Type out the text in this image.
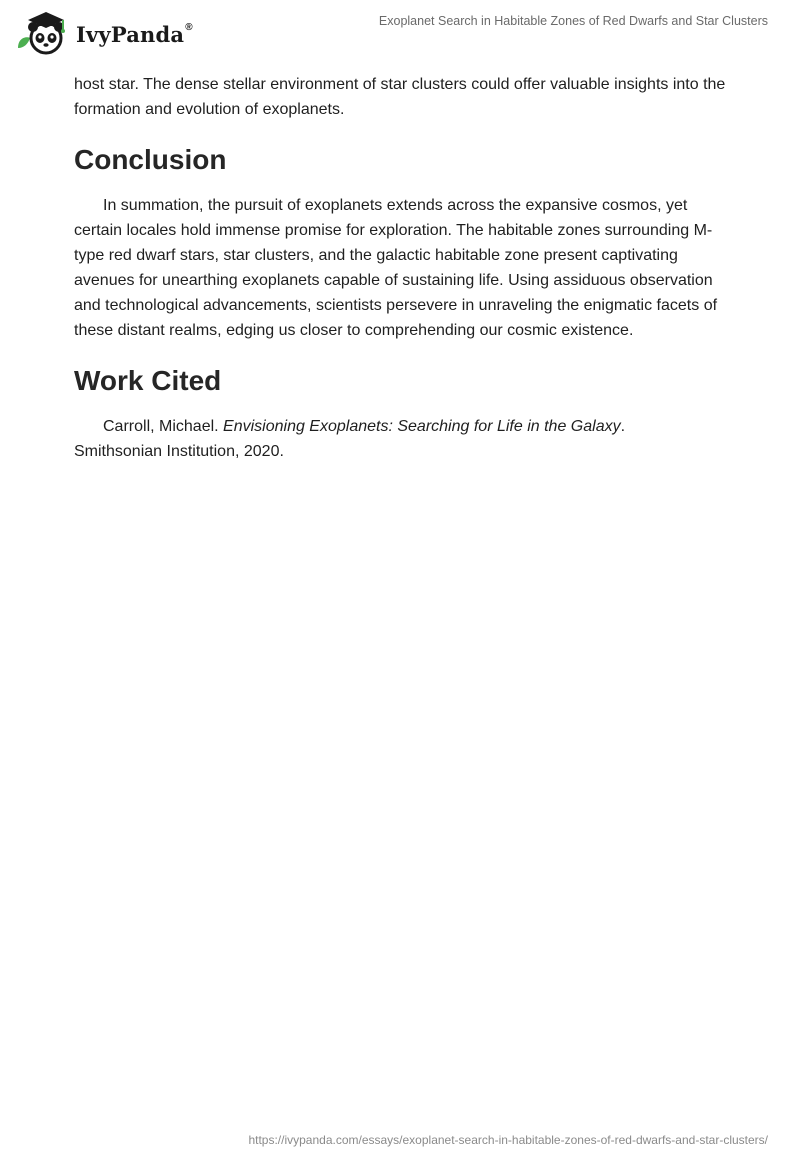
IvyPanda®	Exoplanet Search in Habitable Zones of Red Dwarfs and Star Clusters

host star. The dense stellar environment of star clusters could offer valuable insights into the formation and evolution of exoplanets.

Conclusion

In summation, the pursuit of exoplanets extends across the expansive cosmos, yet certain locales hold immense promise for exploration. The habitable zones surrounding M-type red dwarf stars, star clusters, and the galactic habitable zone present captivating avenues for unearthing exoplanets capable of sustaining life. Using assiduous observation and technological advancements, scientists persevere in unraveling the enigmatic facets of these distant realms, edging us closer to comprehending our cosmic existence.

Work Cited

Carroll, Michael. Envisioning Exoplanets: Searching for Life in the Galaxy.
Smithsonian Institution, 2020.

https://ivypanda.com/essays/exoplanet-search-in-habitable-zones-of-red-dwarfs-and-star-clusters/
